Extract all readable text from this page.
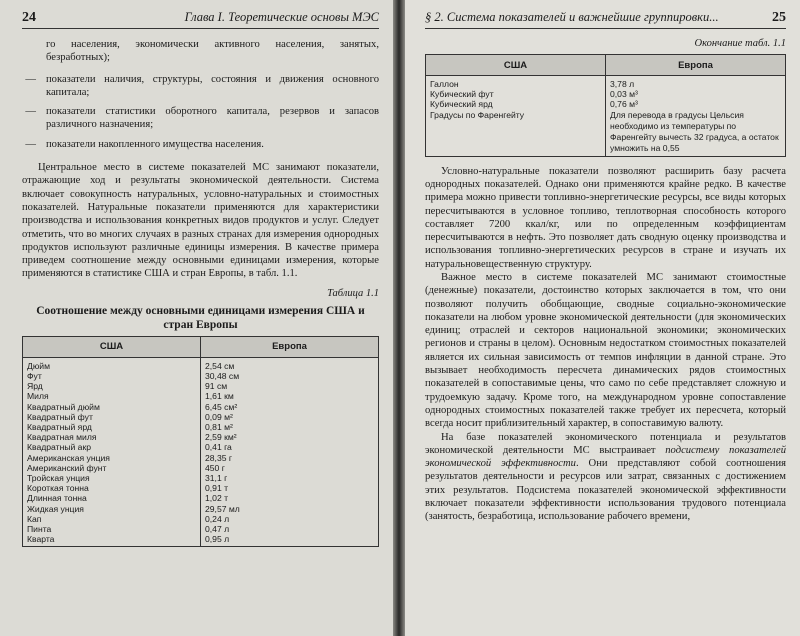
24	Глава I. Теоретические основы МЭС

го населения, экономически активного населения, занятых, безработных);

— показатели наличия, структуры, состояния и движения основного капитала;

— показатели статистики оборотного капитала, резервов и запасов различного назначения;

— показатели накопленного имущества населения.

Центральное место в системе показателей МС занимают показатели, отражающие ход и результаты экономической деятельности. Система включает совокупность натуральных, условно-натуральных и стоимостных показателей. Натуральные показатели применяются для характеристики производства и использования конкретных видов продуктов и услуг. Следует отметить, что во многих случаях в разных странах для измерения однородных продуктов используют различные единицы измерения. В качестве примера приведем соотношение между основными единицами измерения, которые применяются в статистике США и стран Европы, в табл. 1.1.

Таблица 1.1
Соотношение между основными единицами измерения США и стран Европы
США	Европа
Дюйм	2,54 см
Фут	30,48 см
Ярд	91 см
Миля	1,61 км
Квадратный дюйм	6,45 см²
Квадратный фут	0,09 м²
Квадратный ярд	0,81 м²
Квадратная миля	2,59 км²
Квадратный акр	0,41 га
Американская унция	28,35 г
Американский фунт	450 г
Тройская унция	31,1 г
Короткая тонна	0,91 т
Длинная тонна	1,02 т
Жидкая унция	29,57 мл
Кап	0,24 л
Пинта	0,47 л
Кварта	0,95 л
§ 2. Система показателей и важнейшие группировки...	25
Окончание табл. 1.1
США	Европа
Галлон	3,78 л
Кубический фут	0,03 м³
Кубический ярд	0,76 м³
Градусы по Фаренгейту	Для перевода в градусы Цельсия необходимо из температуры по Фаренгейту вычесть 32 градуса, а остаток умножить на 0,55

Условно-натуральные показатели позволяют расширить базу расчета однородных показателей. Однако они применяются крайне редко. В качестве примера можно привести топливно-энергетические ресурсы, все виды которых пересчитываются в условное топливо, теплотворная способность которого составляет 7200 ккал/кг, или по определенным коэффициентам пересчитываются в нефть. Это позволяет дать сводную оценку производства и использования топливно-энергетических ресурсов в стране и изучать их натуральновещественную структуру.

Важное место в системе показателей МС занимают стоимостные (денежные) показатели, достоинство которых заключается в том, что они позволяют получить обобщающие, сводные социально-экономические показатели на любом уровне экономической деятельности (для экономических единиц; отраслей и секторов национальной экономики; экономических регионов и страны в целом). Основным недостатком стоимостных показателей является их сильная зависимость от темпов инфляции в данной стране. Это вызывает необходимость пересчета динамических рядов стоимостных показателей в сопоставимые цены, что само по себе представляет сложную и трудоемкую задачу. Кроме того, на международном уровне сопоставление однородных стоимостных показателей также требует их пересчета, который всегда носит приблизительный характер, в сопоставимую валюту.

На базе показателей экономического потенциала и результатов экономической деятельности МС выстраивает подсистему показателей экономической эффективности. Они представляют собой соотношения результатов деятельности и ресурсов или затрат, связанных с достижением этих результатов. Подсистема показателей экономической эффективности включает показатели эффективности использования трудового потенциала (занятость, безработица, использование рабочего времени,
